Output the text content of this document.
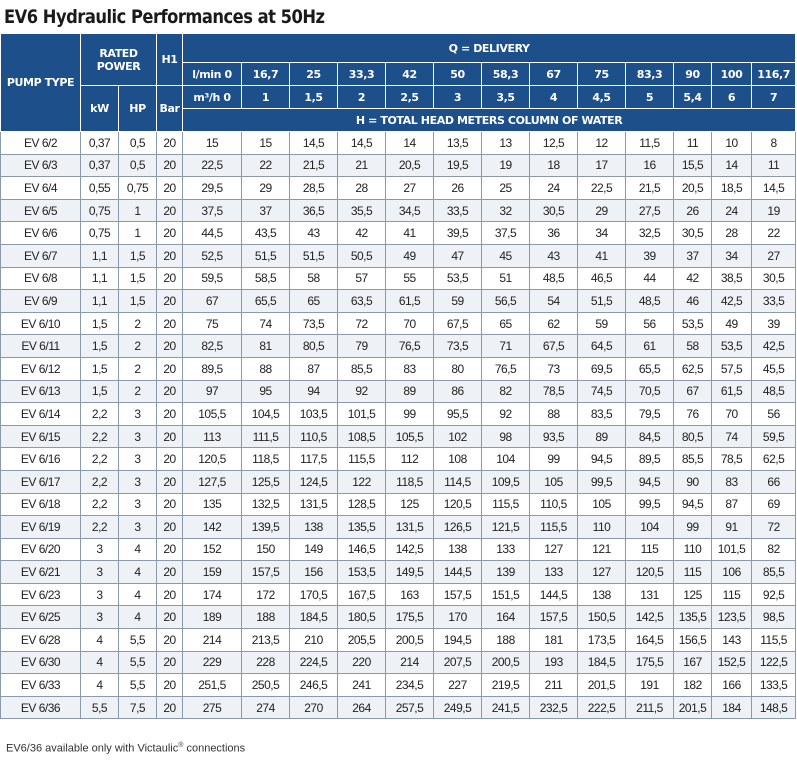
EV6 Hydraulic Performances at 50Hz
PUMP TYPE	RATED POWER		H1	Q = DELIVERY												
				l/min 0	16,7	25	33,3	42	50	58,3	67	75	83,3	90	100	116,7
	kW	HP	Bar	m³/h 0	1	1,5	2	2,5	3	3,5	4	4,5	5	5,4	6	7
				H = TOTAL HEAD METERS COLUMN OF WATER												
EV 6/2	0,37	0,5	20	15	15	14,5	14,5	14	13,5	13	12,5	12	11,5	11	10	8
EV 6/3	0,37	0,5	20	22,5	22	21,5	21	20,5	19,5	19	18	17	16	15,5	14	11
EV 6/4	0,55	0,75	20	29,5	29	28,5	28	27	26	25	24	22,5	21,5	20,5	18,5	14,5
EV 6/5	0,75	1	20	37,5	37	36,5	35,5	34,5	33,5	32	30,5	29	27,5	26	24	19
EV 6/6	0,75	1	20	44,5	43,5	43	42	41	39,5	37,5	36	34	32,5	30,5	28	22
EV 6/7	1,1	1,5	20	52,5	51,5	51,5	50,5	49	47	45	43	41	39	37	34	27
EV 6/8	1,1	1,5	20	59,5	58,5	58	57	55	53,5	51	48,5	46,5	44	42	38,5	30,5
EV 6/9	1,1	1,5	20	67	65,5	65	63,5	61,5	59	56,5	54	51,5	48,5	46	42,5	33,5
EV 6/10	1,5	2	20	75	74	73,5	72	70	67,5	65	62	59	56	53,5	49	39
EV 6/11	1,5	2	20	82,5	81	80,5	79	76,5	73,5	71	67,5	64,5	61	58	53,5	42,5
EV 6/12	1,5	2	20	89,5	88	87	85,5	83	80	76,5	73	69,5	65,5	62,5	57,5	45,5
EV 6/13	1,5	2	20	97	95	94	92	89	86	82	78,5	74,5	70,5	67	61,5	48,5
EV 6/14	2,2	3	20	105,5	104,5	103,5	101,5	99	95,5	92	88	83,5	79,5	76	70	56
EV 6/15	2,2	3	20	113	111,5	110,5	108,5	105,5	102	98	93,5	89	84,5	80,5	74	59,5
EV 6/16	2,2	3	20	120,5	118,5	117,5	115,5	112	108	104	99	94,5	89,5	85,5	78,5	62,5
EV 6/17	2,2	3	20	127,5	125,5	124,5	122	118,5	114,5	109,5	105	99,5	94,5	90	83	66
EV 6/18	2,2	3	20	135	132,5	131,5	128,5	125	120,5	115,5	110,5	105	99,5	94,5	87	69
EV 6/19	2,2	3	20	142	139,5	138	135,5	131,5	126,5	121,5	115,5	110	104	99	91	72
EV 6/20	3	4	20	152	150	149	146,5	142,5	138	133	127	121	115	110	101,5	82
EV 6/21	3	4	20	159	157,5	156	153,5	149,5	144,5	139	133	127	120,5	115	106	85,5
EV 6/23	3	4	20	174	172	170,5	167,5	163	157,5	151,5	144,5	138	131	125	115	92,5
EV 6/25	3	4	20	189	188	184,5	180,5	175,5	170	164	157,5	150,5	142,5	135,5	123,5	98,5
EV 6/28	4	5,5	20	214	213,5	210	205,5	200,5	194,5	188	181	173,5	164,5	156,5	143	115,5
EV 6/30	4	5,5	20	229	228	224,5	220	214	207,5	200,5	193	184,5	175,5	167	152,5	122,5
EV 6/33	4	5,5	20	251,5	250,5	246,5	241	234,5	227	219,5	211	201,5	191	182	166	133,5
EV 6/36	5,5	7,5	20	275	274	270	264	257,5	249,5	241,5	232,5	222,5	211,5	201,5	184	148,5
EV6/36 available only with Victaulic® connections
